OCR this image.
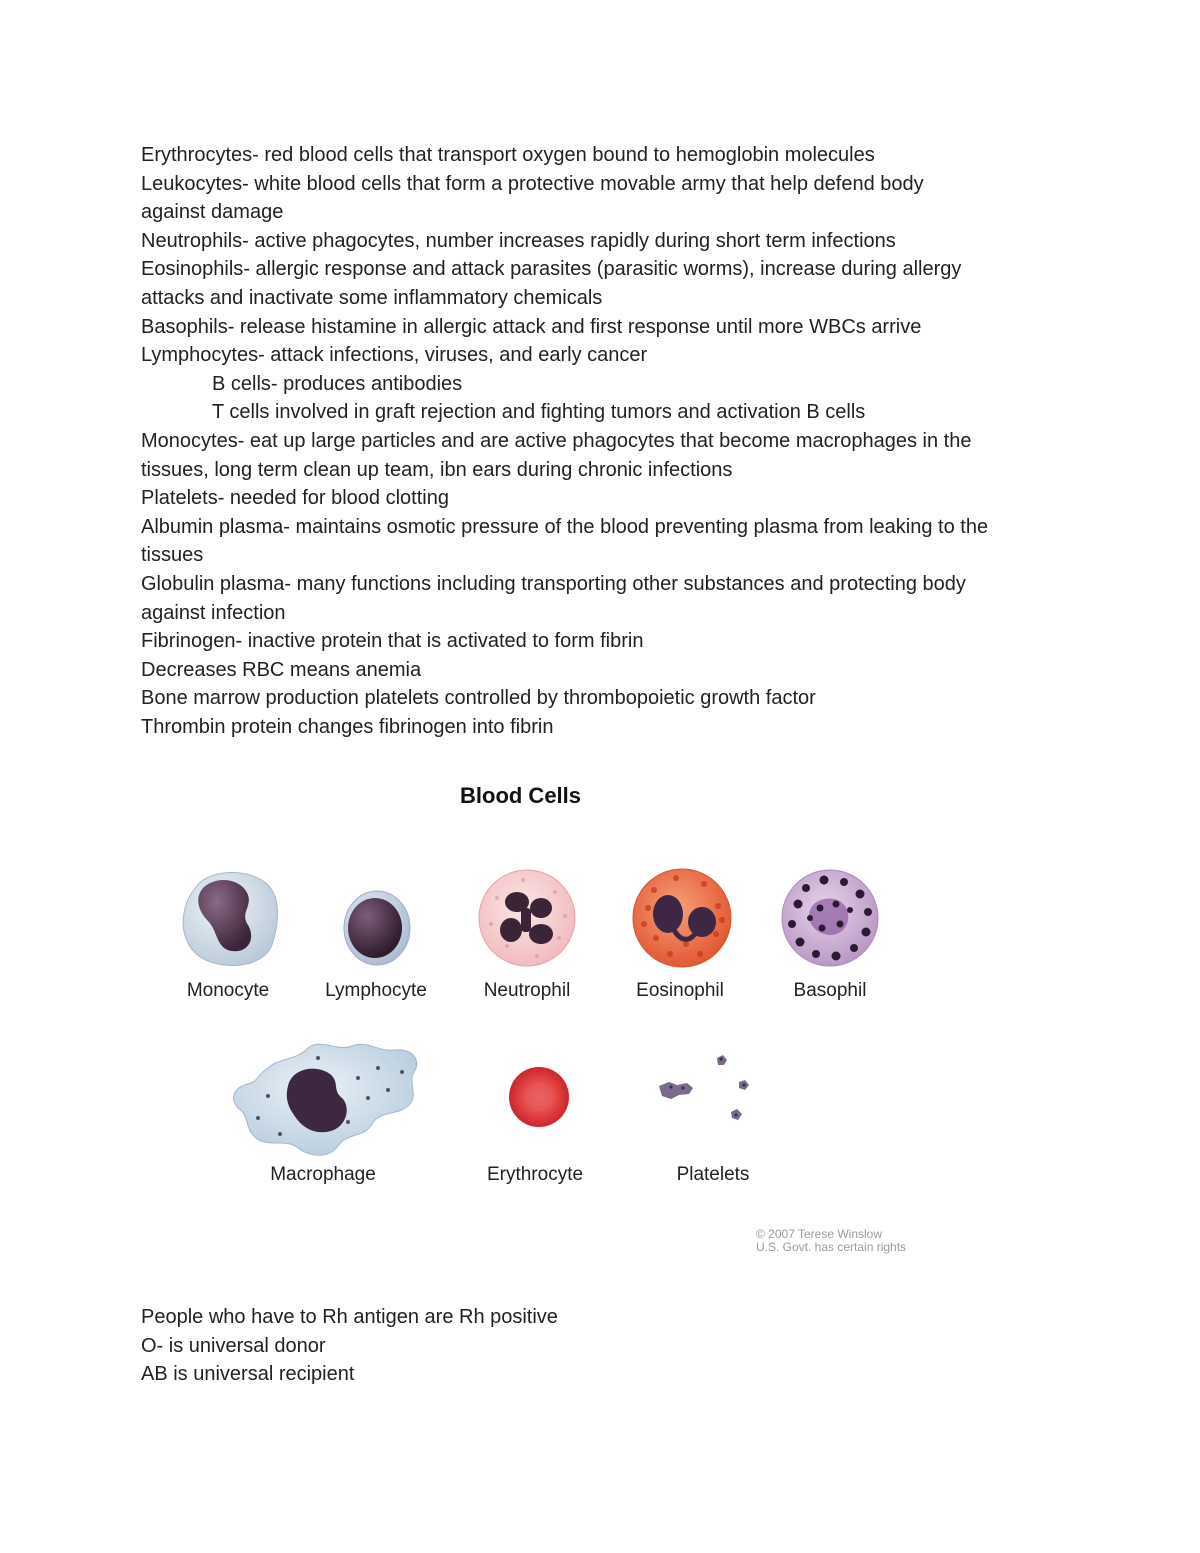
Erythrocytes- red blood cells that transport oxygen bound to hemoglobin molecules
Leukocytes- white blood cells that form a protective movable army that help defend body
against damage
Neutrophils- active phagocytes, number increases rapidly during short term infections
Eosinophils- allergic response and attack parasites (parasitic worms), increase during allergy
attacks and inactivate some inflammatory chemicals
Basophils- release histamine in allergic attack and first response until more WBCs arrive
Lymphocytes- attack infections, viruses, and early cancer
B cells- produces antibodies
T cells involved in graft rejection and fighting tumors and activation B cells
Monocytes- eat up large particles and are active phagocytes that become macrophages in the
tissues, long term clean up team, ibn ears during chronic infections
Platelets- needed for blood clotting
Albumin plasma- maintains osmotic pressure of the blood preventing plasma from leaking to the
tissues
Globulin plasma- many functions including transporting other substances and protecting body
against infection
Fibrinogen- inactive protein that is activated to form fibrin
Decreases RBC means anemia
Bone marrow production platelets controlled by thrombopoietic growth factor
Thrombin protein changes fibrinogen into fibrin
Blood Cells
Monocyte	Lymphocyte	Neutrophil	Eosinophil	Basophil
Macrophage	Erythrocyte	Platelets
© 2007 Terese Winslow
U.S. Govt. has certain rights
People who have to Rh antigen are Rh positive
O- is universal donor
AB is universal recipient
